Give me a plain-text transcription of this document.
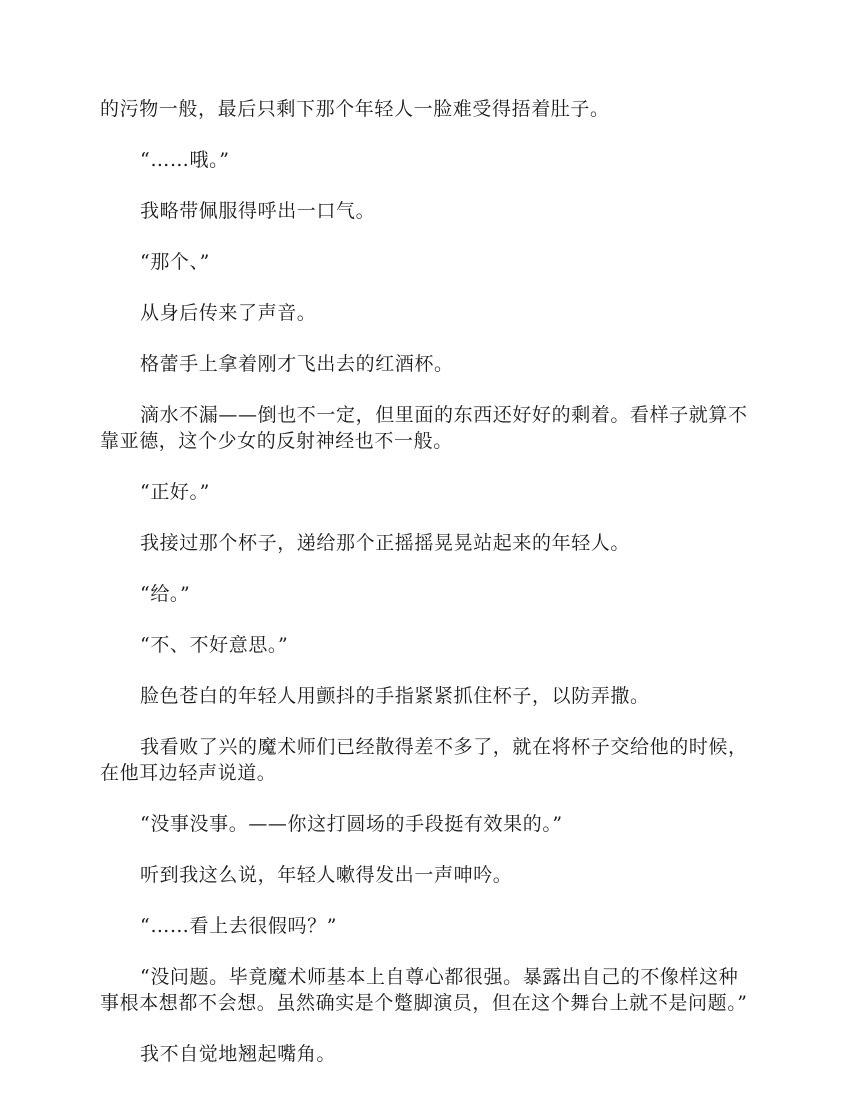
的污物一般，最后只剩下那个年轻人一脸难受得捂着肚子。

“……哦。”

我略带佩服得呼出一口气。

“那个、”

从身后传来了声音。

格蕾手上拿着刚才飞出去的红酒杯。

滴水不漏——倒也不一定，但里面的东西还好好的剩着。看样子就算不靠亚德，这个少女的反射神经也不一般。

“正好。”

我接过那个杯子，递给那个正摇摇晃晃站起来的年轻人。

“给。”

“不、不好意思。”

脸色苍白的年轻人用颤抖的手指紧紧抓住杯子，以防弄撒。

我看败了兴的魔术师们已经散得差不多了，就在将杯子交给他的时候，在他耳边轻声说道。

“没事没事。——你这打圆场的手段挺有效果的。”

听到我这么说，年轻人嗽得发出一声呻吟。

“……看上去很假吗？”

“没问题。毕竟魔术师基本上自尊心都很强。暴露出自己的不像样这种事根本想都不会想。虽然确实是个蹩脚演员，但在这个舞台上就不是问题。”

我不自觉地翘起嘴角。
